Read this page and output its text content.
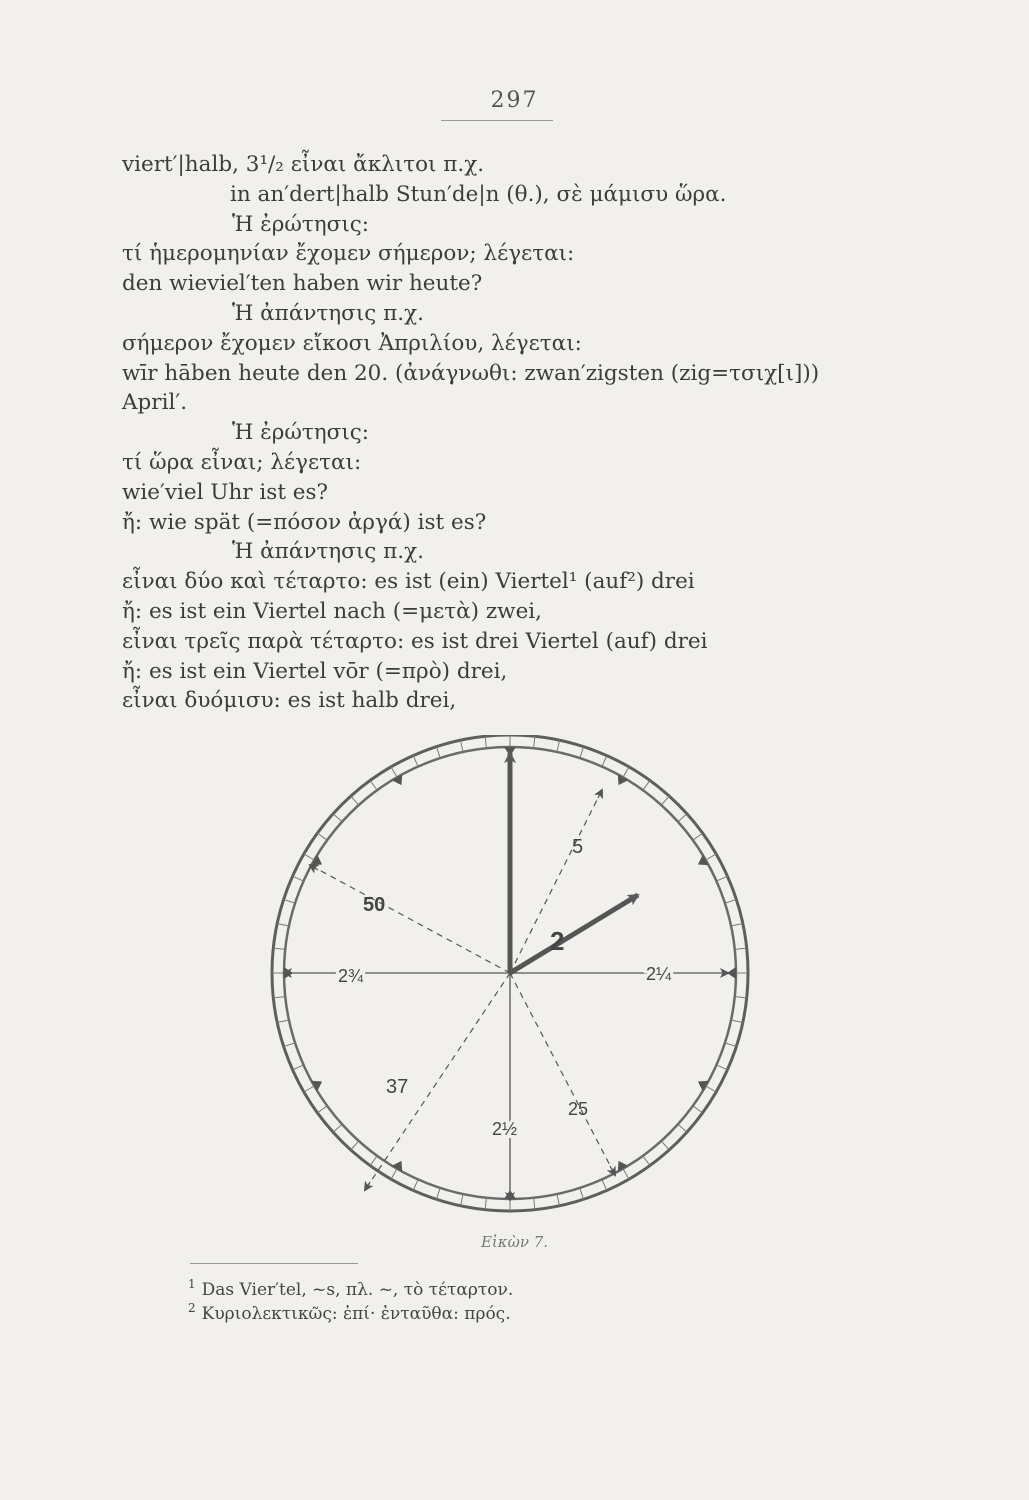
297
viert′|halb, 3¹/₂ εἶναι ἄκλιτοι π.χ.
in an′dert|halb Stun′de|n (θ.), σὲ μάμισυ ὥρα.
Ἡ ἐρώτησις:
τί ἡμερομηνίαν ἔχομεν σήμερον; λέγεται:
den wieviel′ten haben wir heute?
Ἡ ἀπάντησις π.χ.
σήμερον ἔχομεν εἴκοσι Ἀπριλίου, λέγεται:
wīr hāben heute den 20. (ἀνάγνωθι: zwan′zigsten (zig=τσιχ[ι]))
April′.
Ἡ ἐρώτησις:
τί ὥρα εἶναι; λέγεται:
wie′viel Uhr ist es?
ἤ: wie spät (=πόσον ἀργά) ist es?
Ἡ ἀπάντησις π.χ.
εἶναι δύο καὶ τέταρτο: es ist (ein) Viertel¹ (auf²) drei
ἤ: es ist ein Viertel nach (=μετὰ) zwei,
εἶναι τρεῖς παρὰ τέταρτο: es ist drei Viertel (auf) drei
ἤ: es ist ein Viertel vōr (=πρὸ) drei,
εἶναι δυόμισυ: es ist halb drei,
5
50
2
2¼
2¾
37
25
2½
Εἰκὼν 7.
$^1$ Das Vier′tel, ~s, πλ. ~, τὸ τέταρτον.
$^2$ Κυριολεκτικῶς: ἐπί· ἐνταῦθα: πρός.
